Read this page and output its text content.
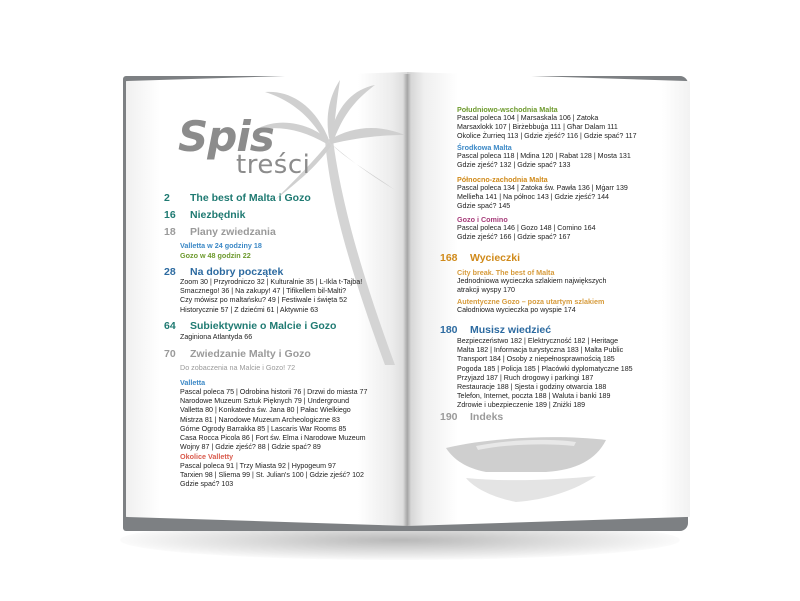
Spis
treści
2 The best of Malta i Gozo
16 Niezbędnik
18 Plany zwiedzania
Valletta w 24 godziny 18
Gozo w 48 godzin 22
28 Na dobry początek
Zoom 30 | Przyrodniczo 32 | Kulturalnie 35 | L-Ikla t-Tajba!
Smacznego! 36 | Na zakupy! 47 | Tifikellem bil-Malti?
Czy mówisz po maltańsku? 49 | Festiwale i święta 52
Historycznie 57 | Z dziećmi 61 | Aktywnie 63
64 Subiektywnie o Malcie i Gozo
Zaginiona Atlantyda 66
70 Zwiedzanie Malty i Gozo
Do zobaczenia na Malcie i Gozo! 72
Valletta
Pascal poleca 75 | Odrobina historii 76 | Drzwi do miasta 77
Narodowe Muzeum Sztuk Pięknych 79 | Underground
Valletta 80 | Konkatedra św. Jana 80 | Pałac Wielkiego
Mistrza 81 | Narodowe Muzeum Archeologiczne 83
Górne Ogrody Barrakka 85 | Lascaris War Rooms 85
Casa Rocca Picola 86 | Fort św. Elma i Narodowe Muzeum
Wojny 87 | Gdzie zjeść? 88 | Gdzie spać? 89
Okolice Valletty
Pascal poleca 91 | Trzy Miasta 92 | Hypogeum 97
Tarxien 98 | Sliema 99 | St. Julian's 100 | Gdzie zjeść? 102
Gdzie spać? 103
Południowo-wschodnia Malta
Pascal poleca 104 | Marsaskala 106 | Zatoka
Marsaxlokk 107 | Birżebbuġa 111 | Għar Dalam 111
Okolice Żurrieq 113 | Gdzie zjeść? 116 | Gdzie spać? 117
Środkowa Malta
Pascal poleca 118 | Mdina 120 | Rabat 128 | Mosta 131
Gdzie zjeść? 132 | Gdzie spać? 133
Północno-zachodnia Malta
Pascal poleca 134 | Zatoka św. Pawła 136 | Mġarr 139
Mellieħa 141 | Na północ 143 | Gdzie zjeść? 144
Gdzie spać? 145
Gozo i Comino
Pascal poleca 146 | Gozo 148 | Comino 164
Gdzie zjeść? 166 | Gdzie spać? 167
168 Wycieczki
City break. The best of Malta
Jednodniowa wycieczka szlakiem największych
atrakcji wyspy 170
Autentyczne Gozo – poza utartym szlakiem
Całodniowa wycieczka po wyspie 174
180 Musisz wiedzieć
Bezpieczeństwo 182 | Elektryczność 182 | Heritage
Malta 182 | Informacja turystyczna 183 | Malta Public
Transport 184 | Osoby z niepełnosprawnością 185
Pogoda 185 | Policja 185 | Placówki dyplomatyczne 185
Przyjazd 187 | Ruch drogowy i parkingi 187
Restauracje 188 | Sjesta i godziny otwarcia 188
Telefon, Internet, poczta 188 | Waluta i banki 189
Zdrowie i ubezpieczenie 189 | Zniżki 189
190 Indeks
